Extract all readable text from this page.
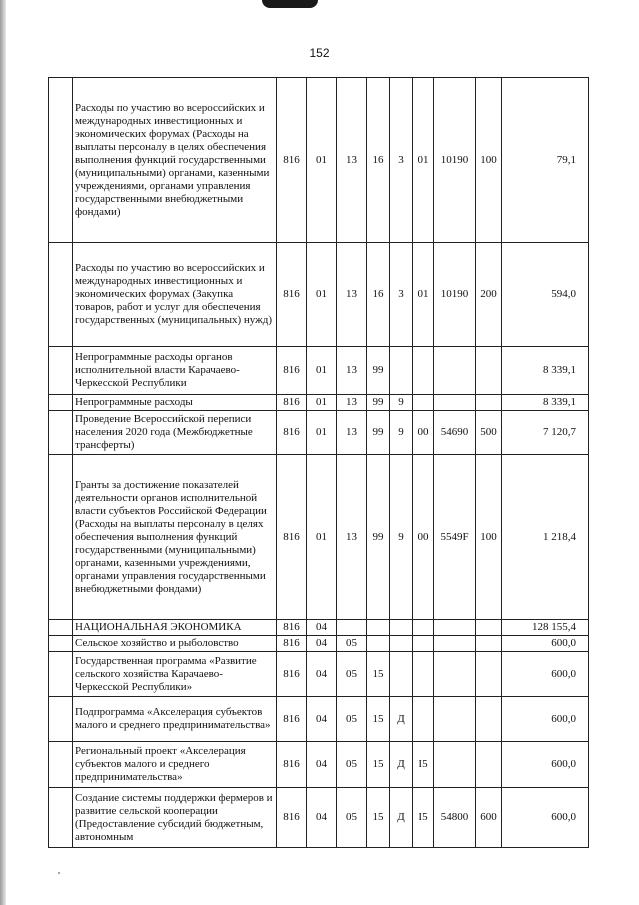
152
	Расходы по участию во всероссийских и международных инвестиционных и экономических форумах (Расходы на выплаты персоналу в целях обеспечения выполнения функций государственными (муниципальными) органами, казенными учреждениями, органами управления государственными внебюджетными фондами)	816	01	13	16	3	01	10190	100	79,1
	Расходы по участию во всероссийских и международных инвестиционных и экономических форумах (Закупка товаров, работ и услуг для обеспечения государственных (муниципальных) нужд)	816	01	13	16	3	01	10190	200	594,0
	Непрограммные расходы органов исполнительной власти Карачаево-Черкесской Республики	816	01	13	99					8 339,1
	Непрограммные расходы	816	01	13	99	9				8 339,1
	Проведение Всероссийской переписи населения 2020 года (Межбюджетные трансферты)	816	01	13	99	9	00	54690	500	7 120,7
	Гранты за достижение показателей деятельности органов исполнительной власти субъектов Российской Федерации (Расходы на выплаты персоналу в целях обеспечения выполнения функций государственными (муниципальными) органами, казенными учреждениями, органами управления государственными внебюджетными фондами)	816	01	13	99	9	00	5549F	100	1 218,4
	НАЦИОНАЛЬНАЯ ЭКОНОМИКА	816	04							128 155,4
	Сельское хозяйство и рыболовство	816	04	05						600,0
	Государственная программа «Развитие сельского хозяйства Карачаево-Черкесской Республики»	816	04	05	15					600,0
	Подпрограмма «Акселерация субъектов малого и среднего предпринимательства»	816	04	05	15	Д				600,0
	Региональный проект «Акселерация субъектов малого и среднего предпринимательства»	816	04	05	15	Д	I5			600,0
	Создание системы поддержки фермеров и развитие сельской кооперации (Предоставление субсидий бюджетным, автономным	816	04	05	15	Д	I5	54800	600	600,0
